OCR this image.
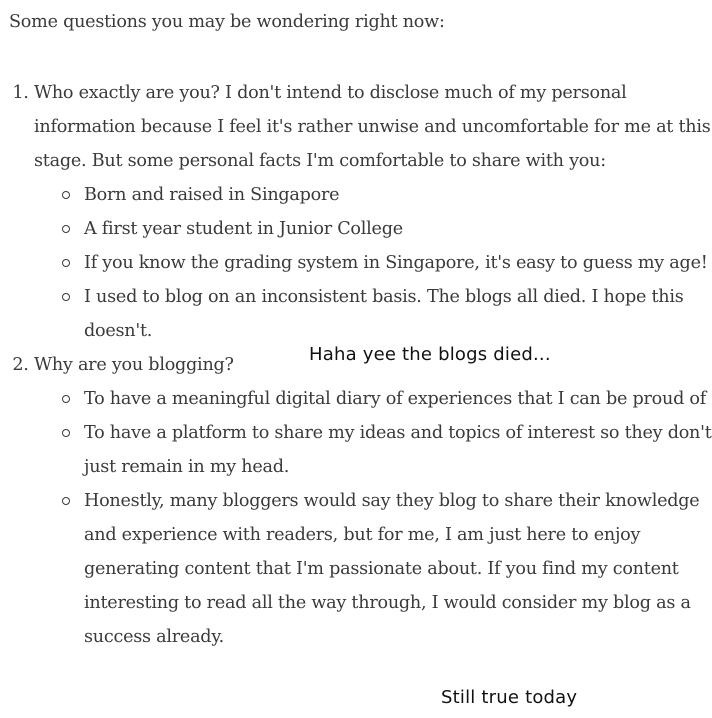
Some questions you may be wondering right now:

1. Who exactly are you? I don't intend to disclose much of my personal information because I feel it's rather unwise and uncomfortable for me at this stage. But some personal facts I'm comfortable to share with you:
Born and raised in Singapore
A first year student in Junior College
If you know the grading system in Singapore, it's easy to guess my age!
I used to blog on an inconsistent basis. The blogs all died. I hope this doesn't.
2. Why are you blogging?
To have a meaningful digital diary of experiences that I can be proud of
To have a platform to share my ideas and topics of interest so they don't just remain in my head.
Honestly, many bloggers would say they blog to share their knowledge and experience with readers, but for me, I am just here to enjoy generating content that I'm passionate about. If you find my content interesting to read all the way through, I would consider my blog as a success already.
Haha yee the blogs died...
Still true today
